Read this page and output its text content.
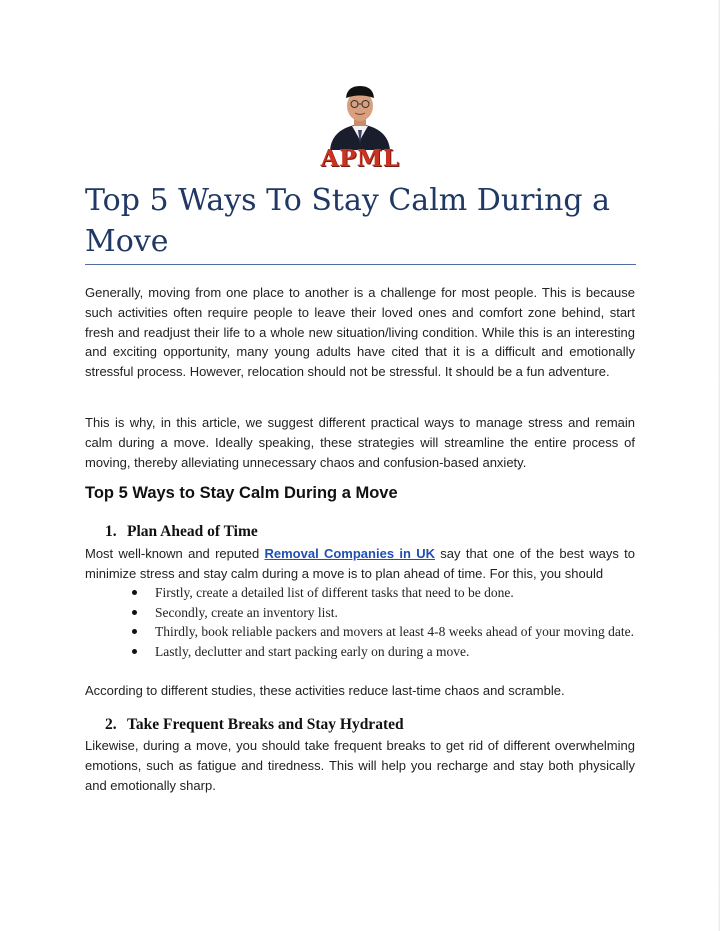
APML
Top 5 Ways To Stay Calm During a Move

Generally, moving from one place to another is a challenge for most people. This is because such activities often require people to leave their loved ones and comfort zone behind, start fresh and readjust their life to a whole new situation/living condition. While this is an interesting and exciting opportunity, many young adults have cited that it is a difficult and emotionally stressful process. However, relocation should not be stressful. It should be a fun adventure.

This is why, in this article, we suggest different practical ways to manage stress and remain calm during a move. Ideally speaking, these strategies will streamline the entire process of moving, thereby alleviating unnecessary chaos and confusion-based anxiety.

Top 5 Ways to Stay Calm During a Move
1. Plan Ahead of Time

Most well-known and reputed Removal Companies in UK say that one of the best ways to minimize stress and stay calm during a move is to plan ahead of time. For this, you should

Firstly, create a detailed list of different tasks that need to be done.
Secondly, create an inventory list.
Thirdly, book reliable packers and movers at least 4-8 weeks ahead of your moving date.
Lastly, declutter and start packing early on during a move.

According to different studies, these activities reduce last-time chaos and scramble.

2. Take Frequent Breaks and Stay Hydrated

Likewise, during a move, you should take frequent breaks to get rid of different overwhelming emotions, such as fatigue and tiredness. This will help you recharge and stay both physically and emotionally sharp.
